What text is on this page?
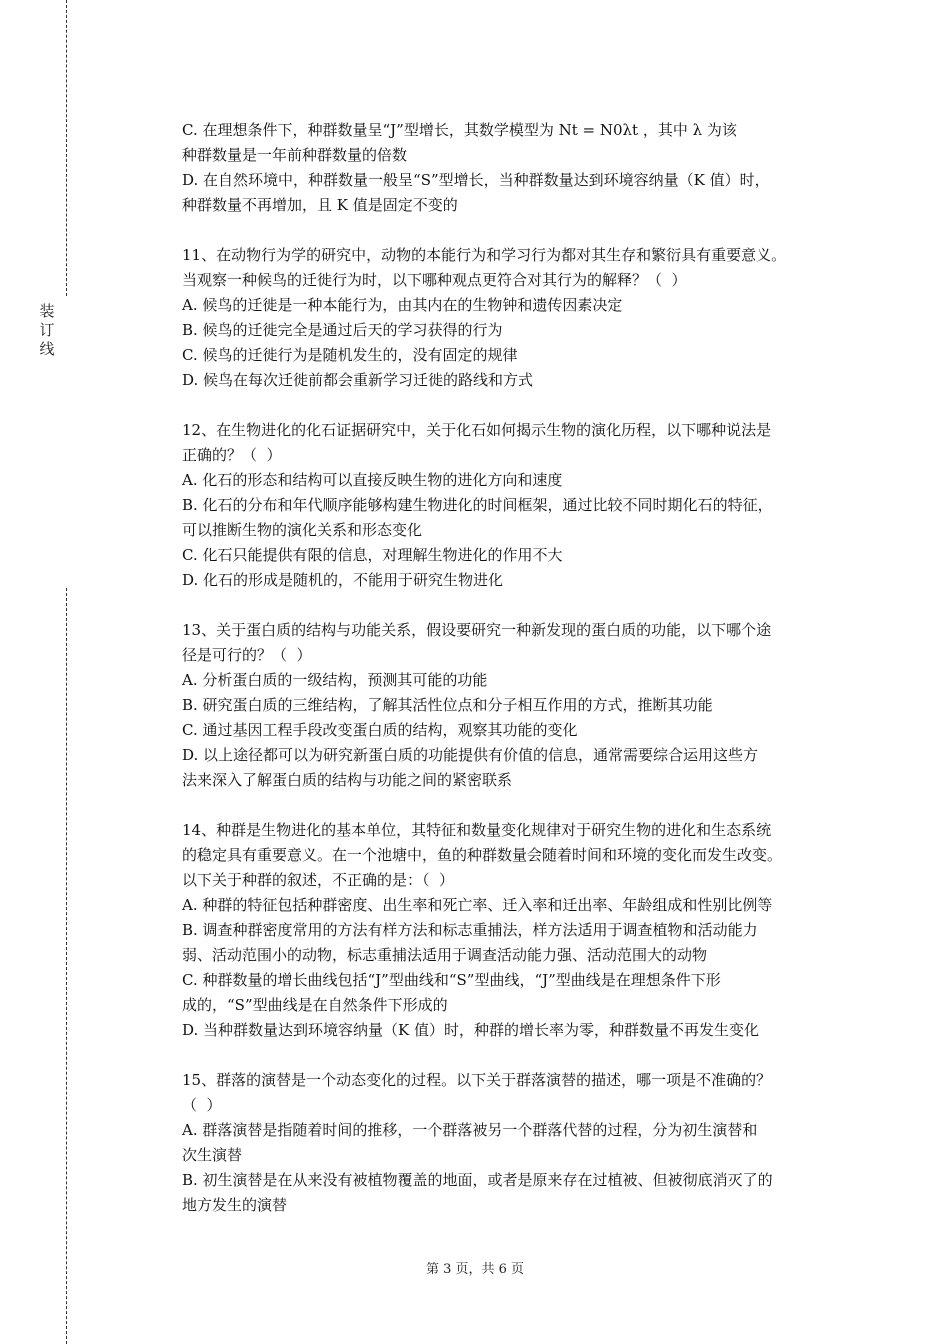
装
订
线
C. 在理想条件下，种群数量呈“J”型增长，其数学模型为 Nt = N0λt ，其中 λ 为该
种群数量是一年前种群数量的倍数
D. 在自然环境中，种群数量一般呈“S”型增长，当种群数量达到环境容纳量（K 值）时，
种群数量不再增加，且 K 值是固定不变的
11、在动物行为学的研究中，动物的本能行为和学习行为都对其生存和繁衍具有重要意义。
当观察一种候鸟的迁徙行为时，以下哪种观点更符合对其行为的解释？（  ）
A. 候鸟的迁徙是一种本能行为，由其内在的生物钟和遗传因素决定
B. 候鸟的迁徙完全是通过后天的学习获得的行为
C. 候鸟的迁徙行为是随机发生的，没有固定的规律
D. 候鸟在每次迁徙前都会重新学习迁徙的路线和方式
12、在生物进化的化石证据研究中，关于化石如何揭示生物的演化历程，以下哪种说法是
正确的？（  ）
A. 化石的形态和结构可以直接反映生物的进化方向和速度
B. 化石的分布和年代顺序能够构建生物进化的时间框架，通过比较不同时期化石的特征，
可以推断生物的演化关系和形态变化
C. 化石只能提供有限的信息，对理解生物进化的作用不大
D. 化石的形成是随机的，不能用于研究生物进化
13、关于蛋白质的结构与功能关系，假设要研究一种新发现的蛋白质的功能，以下哪个途
径是可行的？（  ）
A. 分析蛋白质的一级结构，预测其可能的功能
B. 研究蛋白质的三维结构，了解其活性位点和分子相互作用的方式，推断其功能
C. 通过基因工程手段改变蛋白质的结构，观察其功能的变化
D. 以上途径都可以为研究新蛋白质的功能提供有价值的信息，通常需要综合运用这些方
法来深入了解蛋白质的结构与功能之间的紧密联系
14、种群是生物进化的基本单位，其特征和数量变化规律对于研究生物的进化和生态系统
的稳定具有重要意义。在一个池塘中，鱼的种群数量会随着时间和环境的变化而发生改变。
以下关于种群的叙述，不正确的是：（  ）
A. 种群的特征包括种群密度、出生率和死亡率、迁入率和迁出率、年龄组成和性别比例等
B. 调查种群密度常用的方法有样方法和标志重捕法，样方法适用于调查植物和活动能力
弱、活动范围小的动物，标志重捕法适用于调查活动能力强、活动范围大的动物
C. 种群数量的增长曲线包括“J”型曲线和“S”型曲线，“J”型曲线是在理想条件下形
成的，“S”型曲线是在自然条件下形成的
D. 当种群数量达到环境容纳量（K 值）时，种群的增长率为零，种群数量不再发生变化
15、群落的演替是一个动态变化的过程。以下关于群落演替的描述，哪一项是不准确的？
（  ）
A. 群落演替是指随着时间的推移，一个群落被另一个群落代替的过程，分为初生演替和
次生演替
B. 初生演替是在从来没有被植物覆盖的地面，或者是原来存在过植被、但被彻底消灭了的
地方发生的演替
第 3 页，共 6 页
